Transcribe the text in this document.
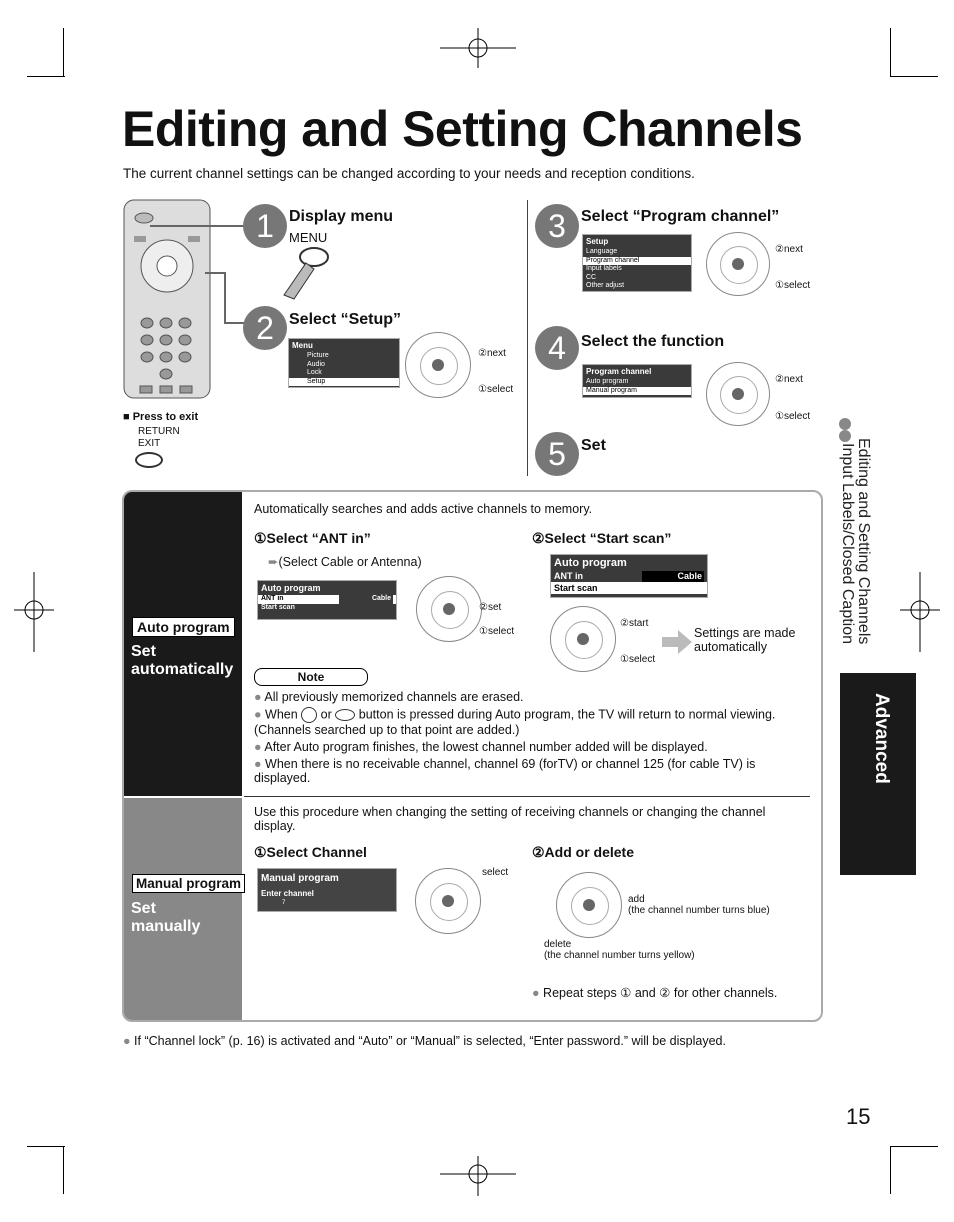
Editing and Setting Channels
The current channel settings can be changed according to your needs and reception conditions.
1 Display menu
MENU
2 Select “Setup”
Menu
Picture
Audio
Lock
Setup
②next
①select
■ Press to exit
RETURN
EXIT
3 Select “Program channel”
Setup
Language
Program channel
Input labels
CC
Other adjust
②next
①select
4 Select the function
Program channel
Auto program
Manual program
②next
①select
5 Set	Editing and Setting Channels
Input Labels/Closed Caption
Advanced
Auto program
Set
automatically
Automatically searches and adds active channels to memory.
①Select “ANT in”
➨(Select Cable or Antenna)
②Select “Start scan”
Auto program
ANT in	Cable
Start scan	②set
①select
Auto program
ANT in	Cable
Start scan
②start
①select
Settings are made automatically
Note
● All previously memorized channels are erased.
● When or button is pressed during Auto program, the TV will return to normal viewing. (Channels searched up to that point are added.)
● After Auto program finishes, the lowest channel number added will be displayed.
● When there is no receivable channel, channel 69 (forTV) or channel 125 (for cable TV) is displayed.
Manual program
Set
manually
Use this procedure when changing the setting of receiving channels or changing the channel display.
①Select Channel	②Add or delete
Manual program
Enter channel
7
select
add
(the channel number turns blue)
delete
(the channel number turns yellow)
● Repeat steps ① and ② for other channels.
● If “Channel lock” (p. 16) is activated and “Auto” or “Manual” is selected, “Enter password.” will be displayed.
15
